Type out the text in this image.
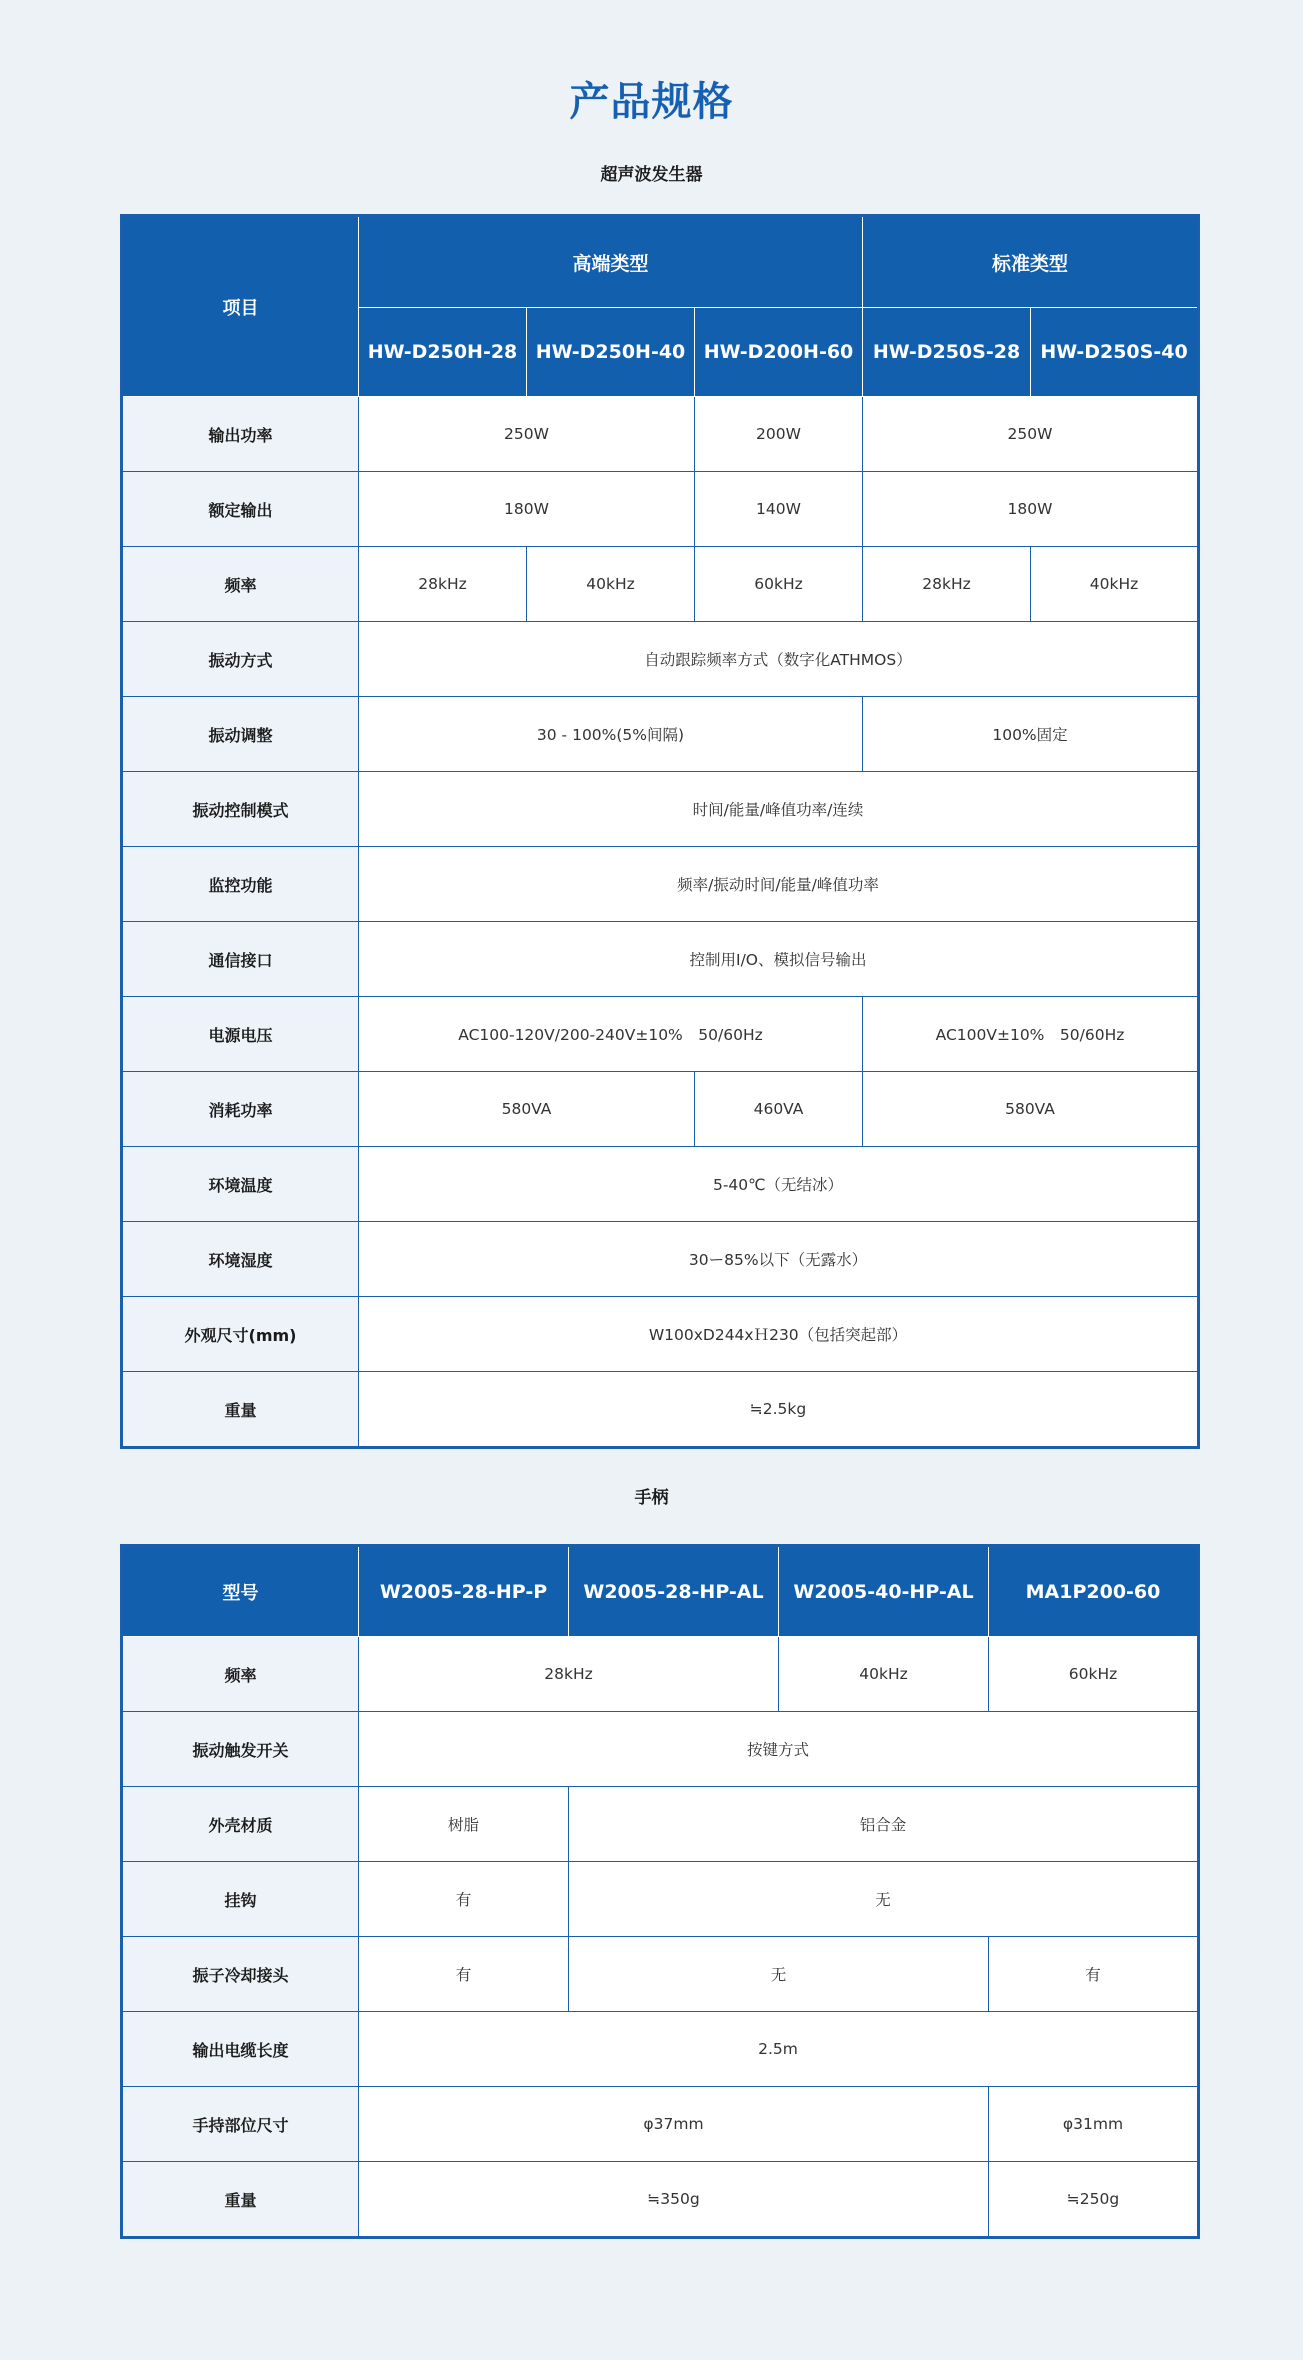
产品规格
超声波发生器
项目	高端类型			标准类型	
	HW-D250H-28	HW-D250H-40	HW-D200H-60	HW-D250S-28	HW-D250S-40
输出功率	250W		200W	250W	
额定输出	180W		140W	180W	
频率	28kHz	40kHz	60kHz	28kHz	40kHz
振动方式	自动跟踪频率方式（数字化ATHMOS）				
振动调整	30 - 100%(5%间隔)			100%固定	
振动控制模式	时间/能量/峰值功率/连续				
监控功能	频率/振动时间/能量/峰值功率				
通信接口	控制用I/O、模拟信号输出				
电源电压	AC100-120V/200-240V±10%　50/60Hz			AC100V±10%　50/60Hz	
消耗功率	580VA		460VA	580VA	
环境温度	5-40℃（无结冰）				
环境湿度	30ー85%以下（无露水）				
外观尺寸(mm)	W100xD244xＨ230（包括突起部）				
重量	≒2.5kg				
手柄
型号	W2005-28-HP-P	W2005-28-HP-AL	W2005-40-HP-AL	MA1P200-60
频率	28kHz		40kHz	60kHz
振动触发开关	按键方式			
外壳材质	树脂	铝合金		
挂钩	有	无		
振子冷却接头	有	无		有
输出电缆长度	2.5m			
手持部位尺寸	φ37mm			φ31mm
重量	≒350g			≒250g
